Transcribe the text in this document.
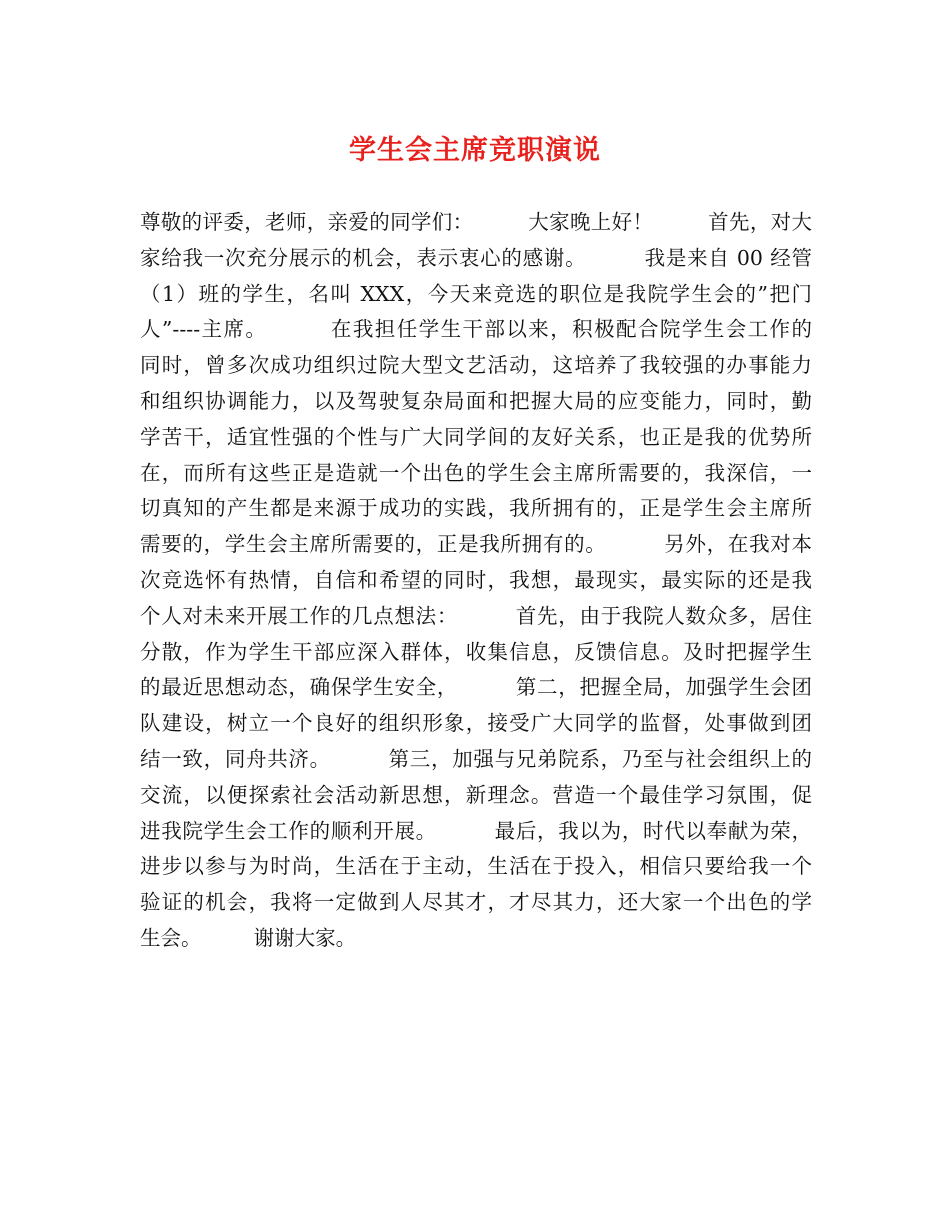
学生会主席竞职演说
尊敬的评委，老师，亲爱的同学们：        大家晚上好！        首先，对大
家给我一次充分展示的机会，表示衷心的感谢。        我是来自 00 经管
（1）班的学生，名叫 XXX，今天来竞选的职位是我院学生会的”把门
人”----主席。        在我担任学生干部以来，积极配合院学生会工作的
同时，曾多次成功组织过院大型文艺活动，这培养了我较强的办事能力
和组织协调能力，以及驾驶复杂局面和把握大局的应变能力，同时，勤
学苦干，适宜性强的个性与广大同学间的友好关系，也正是我的优势所
在，而所有这些正是造就一个出色的学生会主席所需要的，我深信，一
切真知的产生都是来源于成功的实践，我所拥有的，正是学生会主席所
需要的，学生会主席所需要的，正是我所拥有的。        另外，在我对本
次竞选怀有热情，自信和希望的同时，我想，最现实，最实际的还是我
个人对未来开展工作的几点想法：        首先，由于我院人数众多，居住
分散，作为学生干部应深入群体，收集信息，反馈信息。及时把握学生
的最近思想动态，确保学生安全，        第二，把握全局，加强学生会团
队建设，树立一个良好的组织形象，接受广大同学的监督，处事做到团
结一致，同舟共济。        第三，加强与兄弟院系，乃至与社会组织上的
交流，以便探索社会活动新思想，新理念。营造一个最佳学习氛围，促
进我院学生会工作的顺利开展。        最后，我以为，时代以奉献为荣，
进步以参与为时尚，生活在于主动，生活在于投入，相信只要给我一个
验证的机会，我将一定做到人尽其才，才尽其力，还大家一个出色的学
生会。        谢谢大家。
